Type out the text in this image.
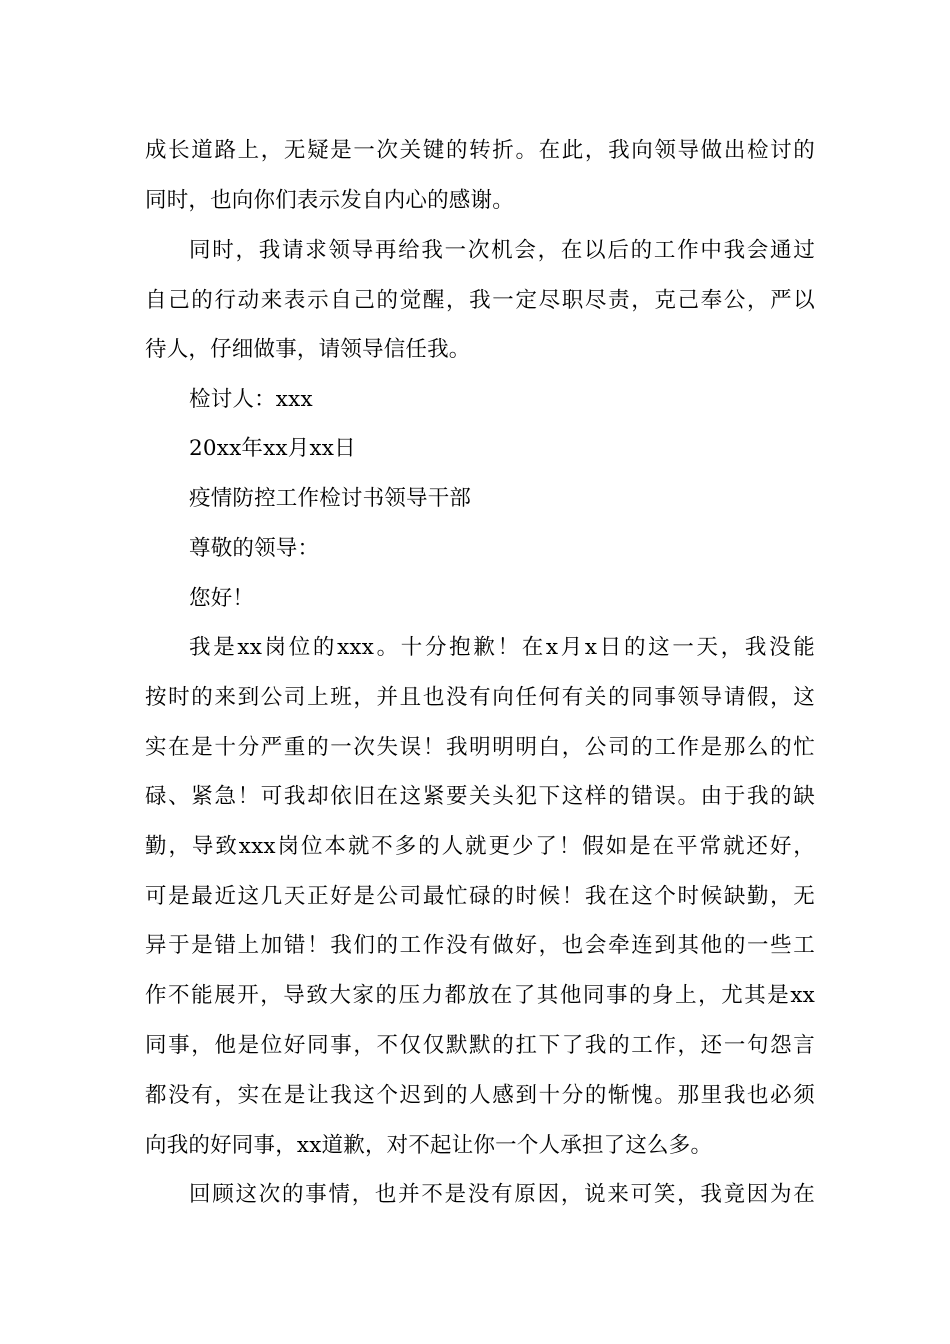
成长道路上，无疑是一次关键的转折。在此，我向领导做出检讨的
同时，也向你们表示发自内心的感谢。
同时，我请求领导再给我一次机会，在以后的工作中我会通过
自己的行动来表示自己的觉醒，我一定尽职尽责，克己奉公，严以
待人，仔细做事，请领导信任我。
检讨人：xxx
20xx年xx月xx日
疫情防控工作检讨书领导干部
尊敬的领导：
您好！
我是xx岗位的xxx。十分抱歉！在x月x日的这一天，我没能
按时的来到公司上班，并且也没有向任何有关的同事领导请假，这
实在是十分严重的一次失误！我明明明白，公司的工作是那么的忙
碌、紧急！可我却依旧在这紧要关头犯下这样的错误。由于我的缺
勤，导致xxx岗位本就不多的人就更少了！假如是在平常就还好，
可是最近这几天正好是公司最忙碌的时候！我在这个时候缺勤，无
异于是错上加错！我们的工作没有做好，也会牵连到其他的一些工
作不能展开，导致大家的压力都放在了其他同事的身上，尤其是xx
同事，他是位好同事，不仅仅默默的扛下了我的工作，还一句怨言
都没有，实在是让我这个迟到的人感到十分的惭愧。那里我也必须
向我的好同事，xx道歉，对不起让你一个人承担了这么多。
回顾这次的事情，也并不是没有原因，说来可笑，我竟因为在
